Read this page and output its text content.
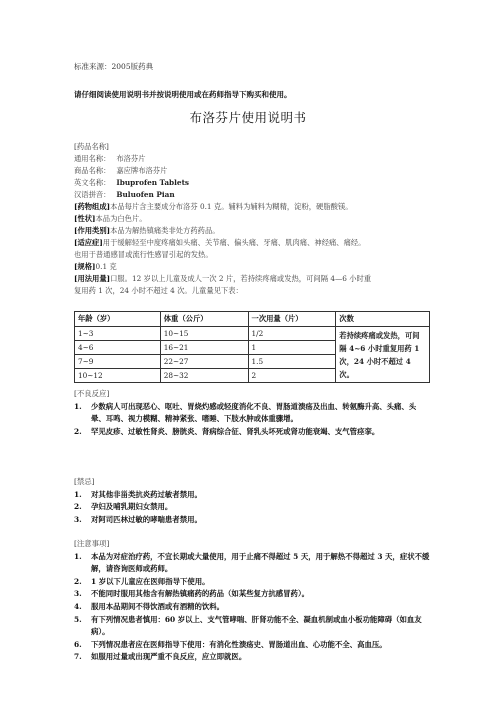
标准来源：2005版药典
请仔细阅读使用说明书并按说明使用或在药师指导下购买和使用。
布洛芬片使用说明书
[药品名称]
通用名称： 布洛芬片
商品名称： 嘉应牌布洛芬片
英文名称： Ibuprofen Tablets
汉语拼音： Buluofen Pian
[药物组成]本品每片含主要成分布洛芬 0.1 克。辅料为辅料为糊精，淀粉，硬脂酸镁。
[性状]本品为白色片。
[作用类别]本品为解热镇痛类非处方药药品。
[适应症]用于缓解轻至中度疼痛如头痛、关节痛、偏头痛、牙痛、肌肉痛、神经痛、痛经。
也用于普通感冒或流行性感冒引起的发热。
[规格]0.1 克
[用法用量]口服。12 岁以上儿童及成人一次 2 片，若持续疼痛或发热，可间隔 4—6 小时重
复用药 1 次，24 小时不超过 4 次。儿童量见下表：
年龄（岁）	体重（公斤）	一次用量（片）	次数
1~3	10~15	1/2	若持续疼痛或发热，可间隔 4~6 小时重复用药 1 次，24 小时不超过 4 次。
4~6	16~21	1	
7~9	22~27	1.5	
10~12	28~32	2	
[不良反应]
1.	少数病人可出现恶心、呕吐、胃烧灼感或轻度消化不良、胃肠道溃疡及出血、转氨酶升高、头痛、头晕、耳鸣、视力模糊、精神紧张、嗜睡、下肢水肿或体重骤增。
2.	罕见皮疹、过敏性肾炎、膀胱炎、肾病综合征、肾乳头坏死或肾功能衰竭、支气管痉挛。
[禁忌]
1.	对其他非甾类抗炎药过敏者禁用。
2.	孕妇及哺乳期妇女禁用。
3.	对阿司匹林过敏的哮喘患者禁用。
[注意事项]
1.	本品为对症治疗药，不宜长期或大量使用，用于止痛不得超过 5 天，用于解热不得超过 3 天，症状不缓解，请咨询医师或药师。
2.	1 岁以下儿童应在医师指导下使用。
3.	不能同时服用其他含有解热镇痛药的药品（如某些复方抗感冒药）。
4.	服用本品期间不得饮酒或有酒精的饮料。
5.	有下列情况患者慎用：60 岁以上、支气管哮喘、肝肾功能不全、凝血机制或血小板功能障碍（如血友病）。
6.	下列情况患者应在医师指导下使用：有消化性溃疡史、胃肠道出血、心功能不全、高血压。
7.	如服用过量或出现严重不良反应，应立即就医。
